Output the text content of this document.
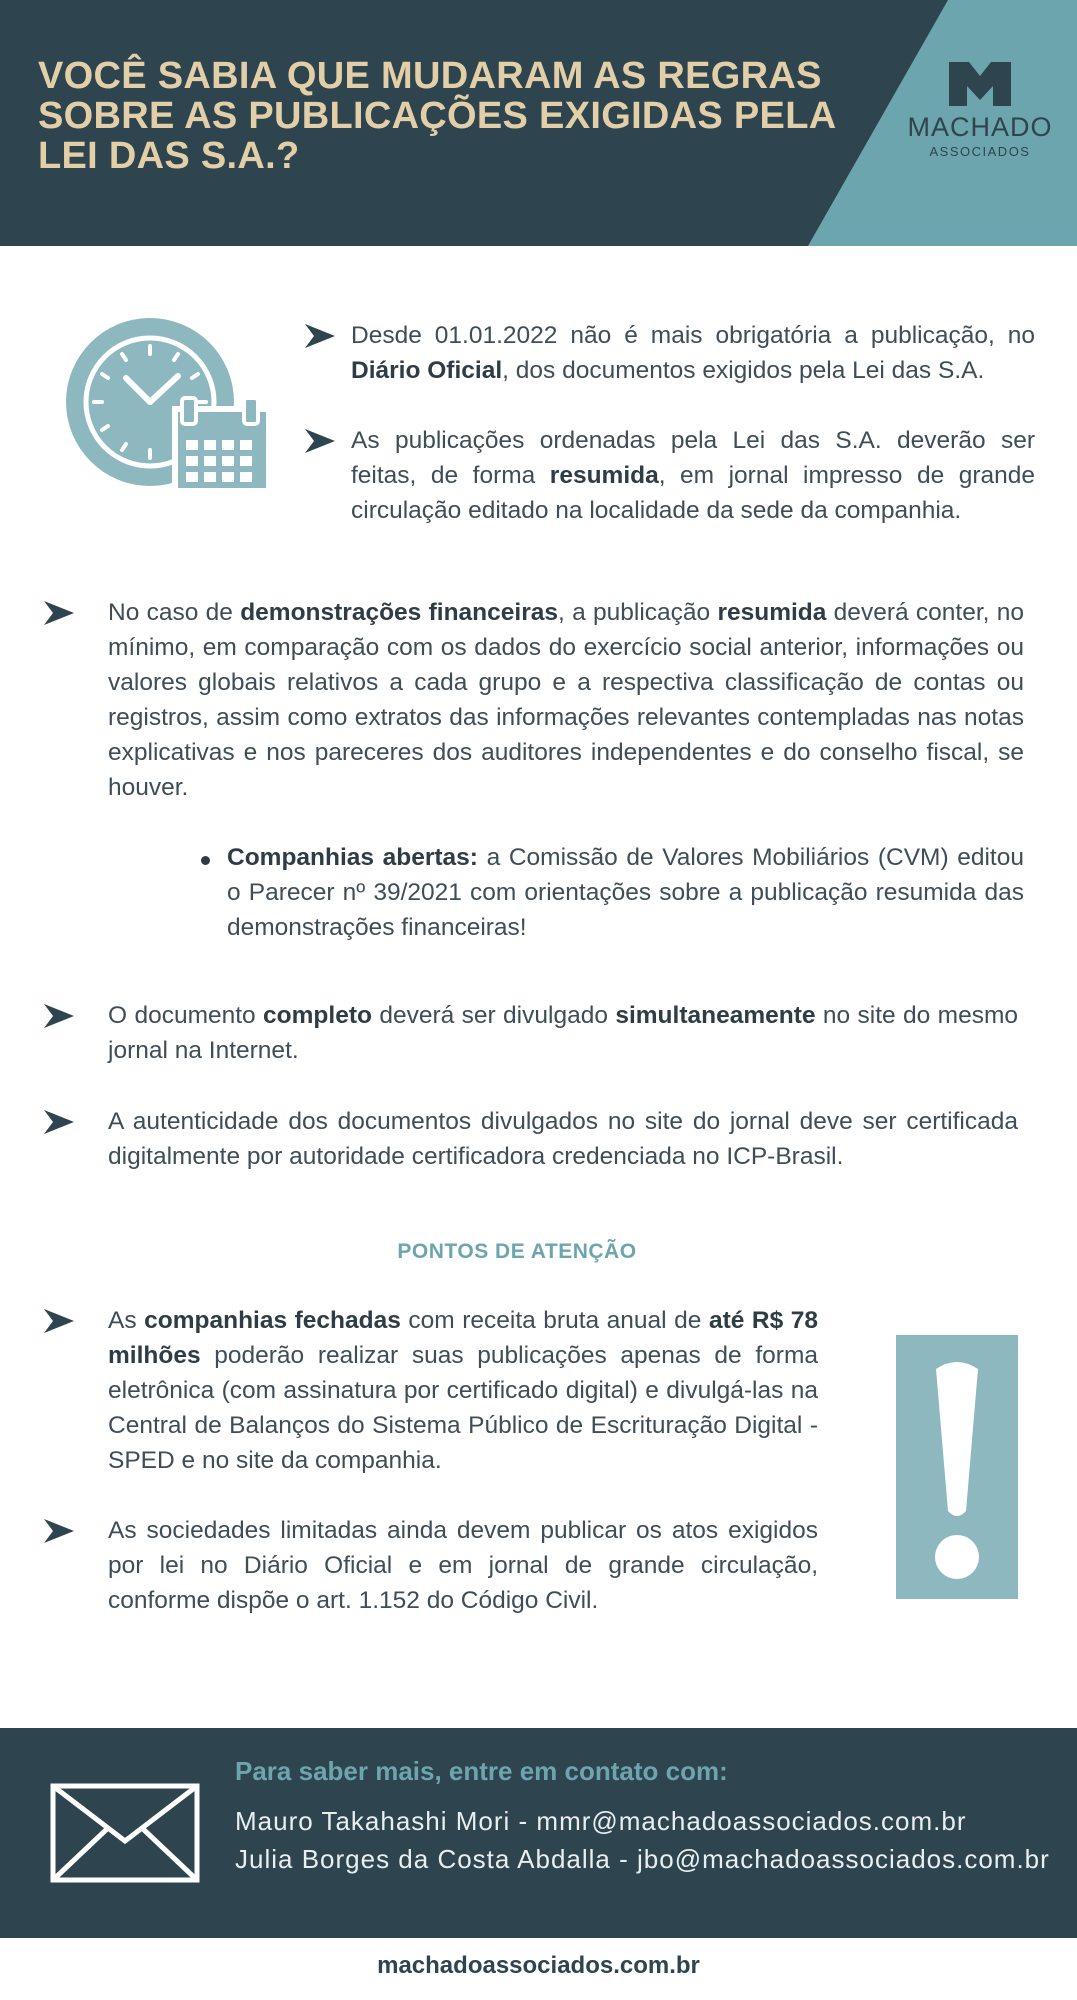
VOCÊ SABIA QUE MUDARAM AS REGRAS SOBRE AS PUBLICAÇÕES EXIGIDAS PELA LEI DAS S.A.?
MACHADO
ASSOCIADOS

Desde 01.01.2022 não é mais obrigatória a publicação, no Diário Oficial, dos documentos exigidos pela Lei das S.A.

As publicações ordenadas pela Lei das S.A. deverão ser feitas, de forma resumida, em jornal impresso de grande circulação editado na localidade da sede da companhia.

No caso de demonstrações financeiras, a publicação resumida deverá conter, no mínimo, em comparação com os dados do exercício social anterior, informações ou valores globais relativos a cada grupo e a respectiva classificação de contas ou registros, assim como extratos das informações relevantes contempladas nas notas explicativas e nos pareceres dos auditores independentes e do conselho fiscal, se houver.

Companhias abertas: a Comissão de Valores Mobiliários (CVM) editou o Parecer nº 39/2021 com orientações sobre a publicação resumida das demonstrações financeiras!

O documento completo deverá ser divulgado simultaneamente no site do mesmo jornal na Internet.

A autenticidade dos documentos divulgados no site do jornal deve ser certificada digitalmente por autoridade certificadora credenciada no ICP-Brasil.

PONTOS DE ATENÇÃO

As companhias fechadas com receita bruta anual de até R$ 78 milhões poderão realizar suas publicações apenas de forma eletrônica (com assinatura por certificado digital) e divulgá-las na Central de Balanços do Sistema Público de Escrituração Digital - SPED e no site da companhia.

As sociedades limitadas ainda devem publicar os atos exigidos por lei no Diário Oficial e em jornal de grande circulação, conforme dispõe o art. 1.152 do Código Civil.

Para saber mais, entre em contato com:
Mauro Takahashi Mori - mmr@machadoassociados.com.br
Julia Borges da Costa Abdalla - jbo@machadoassociados.com.br
machadoassociados.com.br
